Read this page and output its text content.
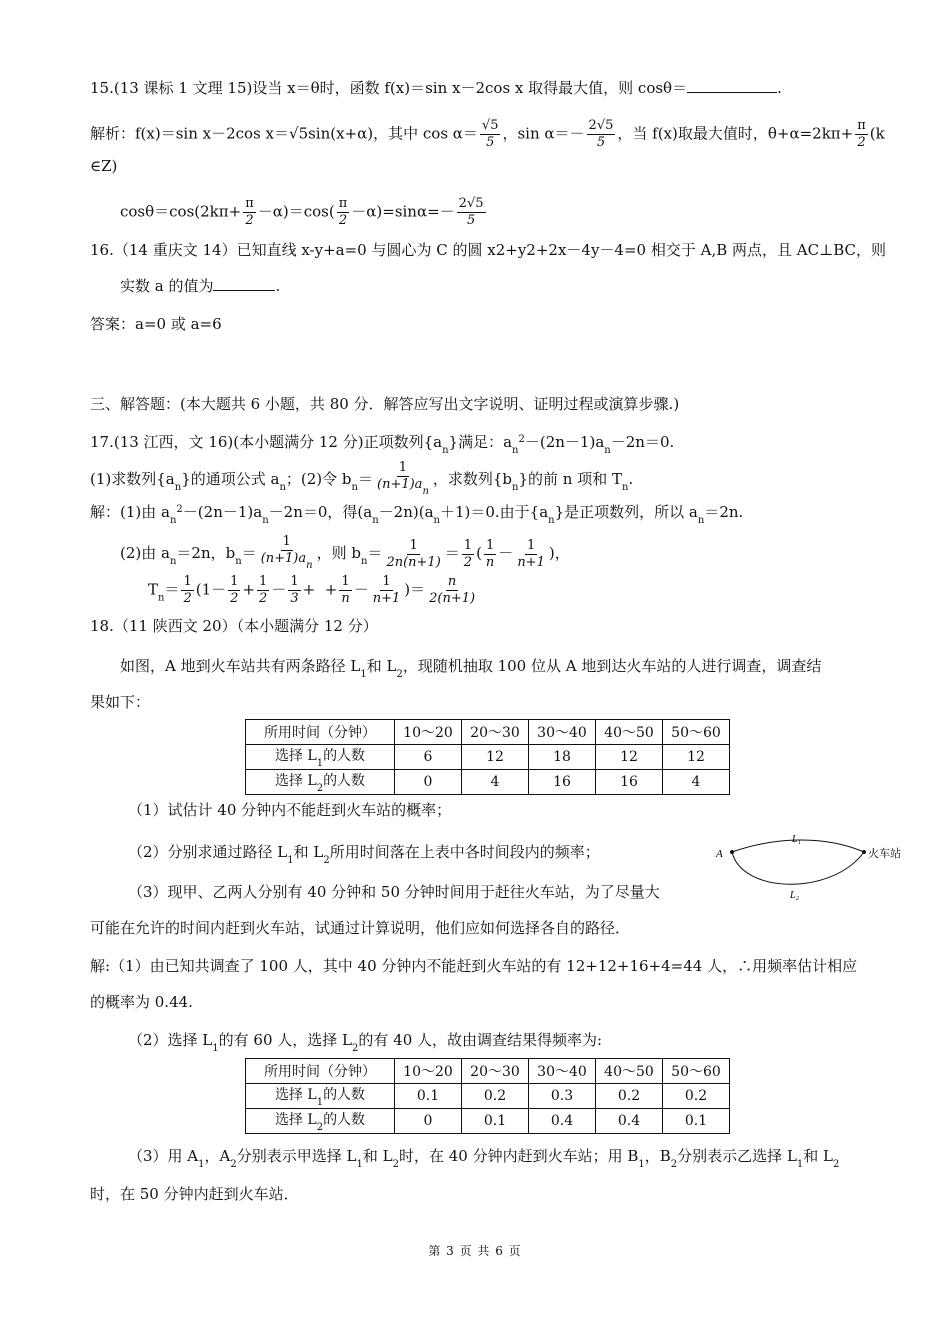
15.(13 课标 1 文理 15)设当 x＝θ时，函数 f(x)＝sin x－2cos x 取得最大值，则 cosθ＝	.
解析：f(x)＝sin x－2cos x＝√5sin(x+α)，其中 $\cos \alpha= \frac{√5}{5}$ ，$\sin \alpha=- \frac{2√5}{5}$ ，当 f(x)取最大值时，$\theta+\alpha=2k\pi+ \frac{\pi}{2} (k$
∈Z)
$\cos\theta=\cos(2k\pi+ \frac{\pi}{2} -\alpha)=\cos( \frac{\pi}{2} -\alpha)=\sin\alpha=- \frac{2√5}{5}$
16.（14 重庆文 14）已知直线 x-y+a=0 与圆心为 C 的圆 x2+y2+2x－4y－4=0 相交于 A,B 两点，且 AC⊥BC，则
实数 a 的值为	.
答案：a=0 或 a=6
三、解答题：(本大题共 6 小题，共 80 分．解答应写出文字说明、证明过程或演算步骤.)
17.(13 江西，文 16)(本小题满分 12 分)正项数列$\{a_n\}$满足：$a_n^2-(2n-1)a_n-2n=0$.
(1)求数列$\{a_n\}$的通项公式 $a_n$；(2)令 $b_n= \frac{1}{(n+1)a_n}$ ，求数列$\{b_n\}$的前 n 项和 $T_n$.
解：(1)由 $a_n^2-(2n-1)a_n-2n=0$，得$(a_n-2n)(a_n+1)=0$.由于$\{a_n\}$是正项数列，所以 $a_n=2n$.
(2)由 $a_n=2n$，$b_n= \frac{1}{(n+1)a_n}$ ，则 $b_n= \frac{1}{2n(n+1)} = \frac{1}{2}$ ( $\frac{1}{n} - \frac{1}{n+1}$ )，
$T_n= \frac{1}{2} (1- \frac{1}{2} + \frac{1}{2} - \frac{1}{3}$ + + $\frac{1}{n} - \frac{1}{n+1}$ )＝ $\frac{n}{2(n+1)}$
18.（11 陕西文 20）（本小题满分 12 分）
如图，A 地到火车站共有两条路径 $L_1$和 $L_2$，现随机抽取 100 位从 A 地到达火车站的人进行调查，调查结
果如下：
所用时间（分钟）	10～20	20～30	30～40	40～50	50～60
选择 $L_1$的人数	6	12	18	12	12
选择 $L_2$的人数	0	4	16	16	4
（1）试估计 40 分钟内不能赶到火车站的概率；
（2）分别求通过路径 $L_1$和 $L_2$所用时间落在上表中各时间段内的频率；
（3）现甲、乙两人分别有 40 分钟和 50 分钟时间用于赶往火车站，为了尽量大
可能在允许的时间内赶到火车站，试通过计算说明，他们应如何选择各自的路径．
A	火车站
L₁
L₂
解:（1）由已知共调查了 100 人，其中 40 分钟内不能赶到火车站的有 12+12+16+4=44 人，∴用频率估计相应
的概率为 0.44.
（2）选择 $L_1$的有 60 人，选择 $L_2$的有 40 人，故由调查结果得频率为:
所用时间（分钟）	10～20	20～30	30～40	40～50	50～60
选择 $L_1$的人数	0.1	0.2	0.3	0.2	0.2
选择 $L_2$的人数	0	0.1	0.4	0.4	0.1
（3）用 $A_1$，$A_2$分别表示甲选择 $L_1$和 $L_2$时，在 40 分钟内赶到火车站；用 $B_1$，$B_2$分别表示乙选择 $L_1$和 $L_2$
时，在 50 分钟内赶到火车站．
第 3 页 共 6 页
